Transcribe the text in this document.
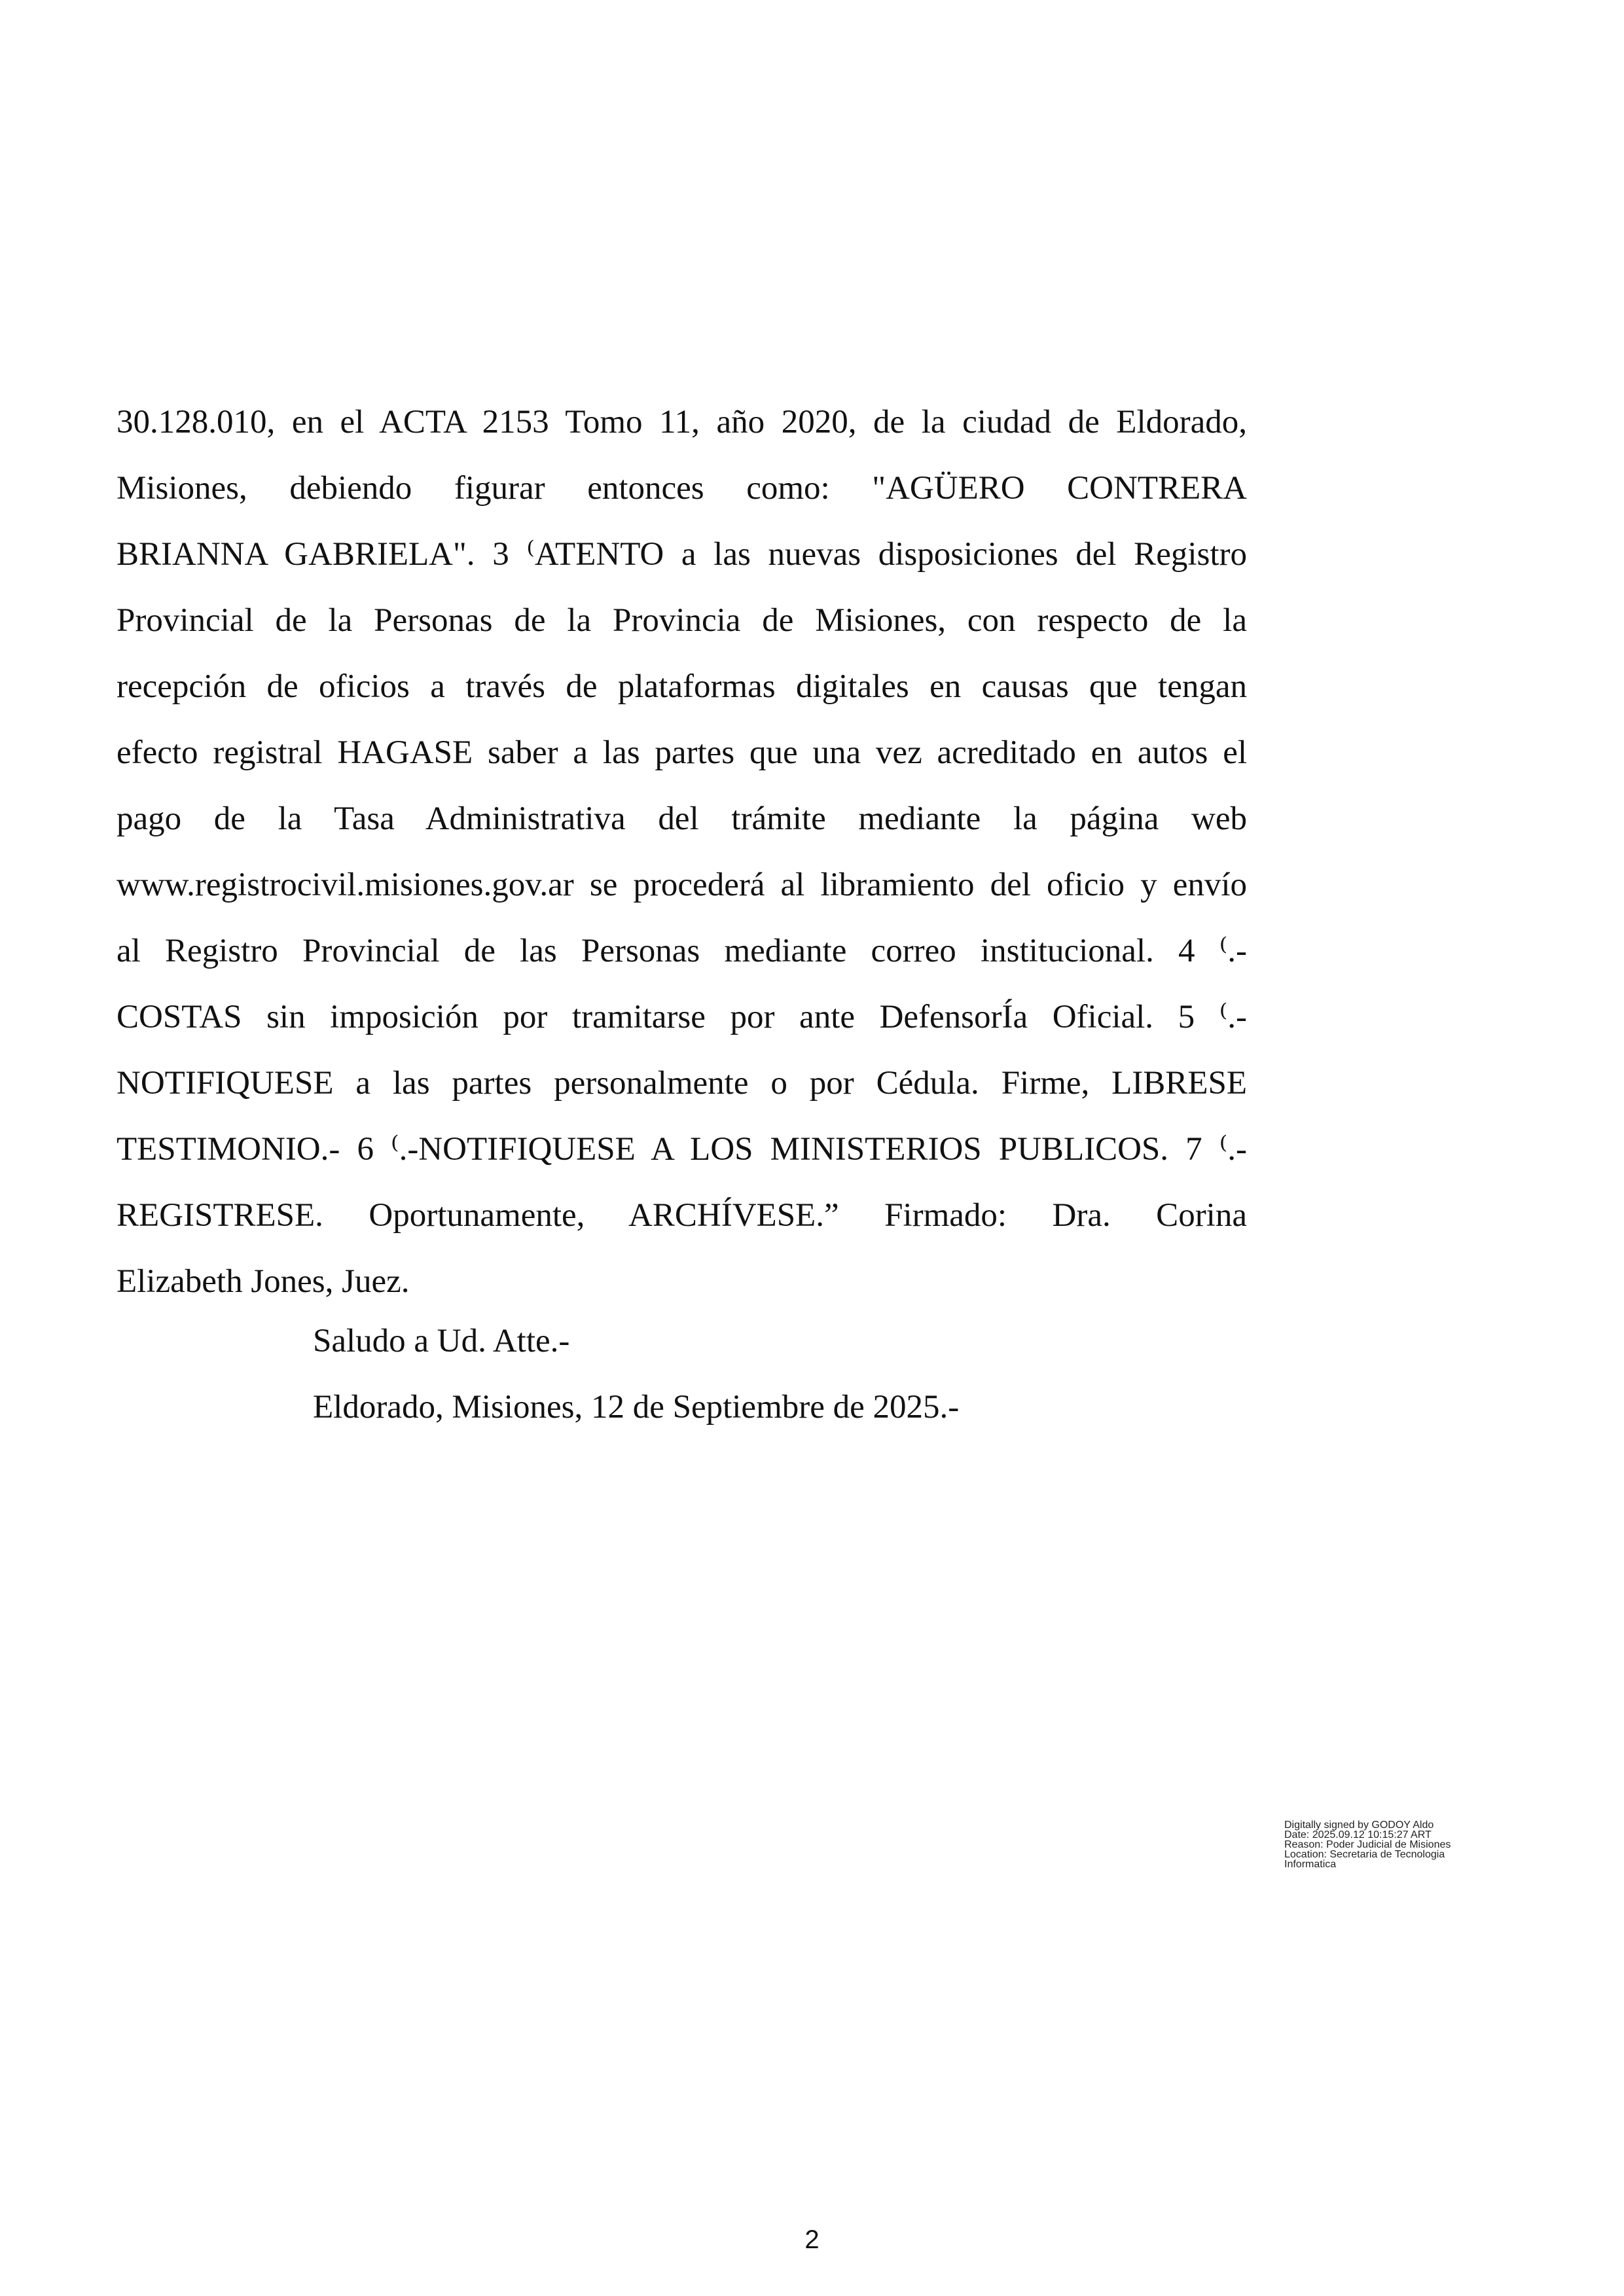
30.128.010, en el ACTA 2153 Tomo 11, año 2020, de la ciudad de Eldorado,
Misiones, debiendo figurar entonces como: "AGÜERO CONTRERA
BRIANNA GABRIELA". 3 ⁽ATENTO a las nuevas disposiciones del Registro
Provincial de la Personas de la Provincia de Misiones, con respecto de la
recepción de oficios a través de plataformas digitales en causas que tengan
efecto registral HAGASE saber a las partes que una vez acreditado en autos el
pago de la Tasa Administrativa del trámite mediante la página web
www.registrocivil.misiones.gov.ar se procederá al libramiento del oficio y envío
al Registro Provincial de las Personas mediante correo institucional. 4 ⁽.-
COSTAS sin imposición por tramitarse por ante DefensorÍa Oficial. 5 ⁽.-
NOTIFIQUESE a las partes personalmente o por Cédula. Firme, LIBRESE
TESTIMONIO.- 6 ⁽.-NOTIFIQUESE A LOS MINISTERIOS PUBLICOS. 7 ⁽.-
REGISTRESE. Oportunamente, ARCHÍVESE.” Firmado: Dra. Corina
Elizabeth Jones, Juez.
Saludo a Ud. Atte.-
Eldorado, Misiones, 12 de Septiembre de 2025.-
Digitally signed by GODOY Aldo
Date: 2025.09.12 10:15:27 ART
Reason: Poder Judicial de Misiones
Location: Secretaria de Tecnologia
Informatica
2
